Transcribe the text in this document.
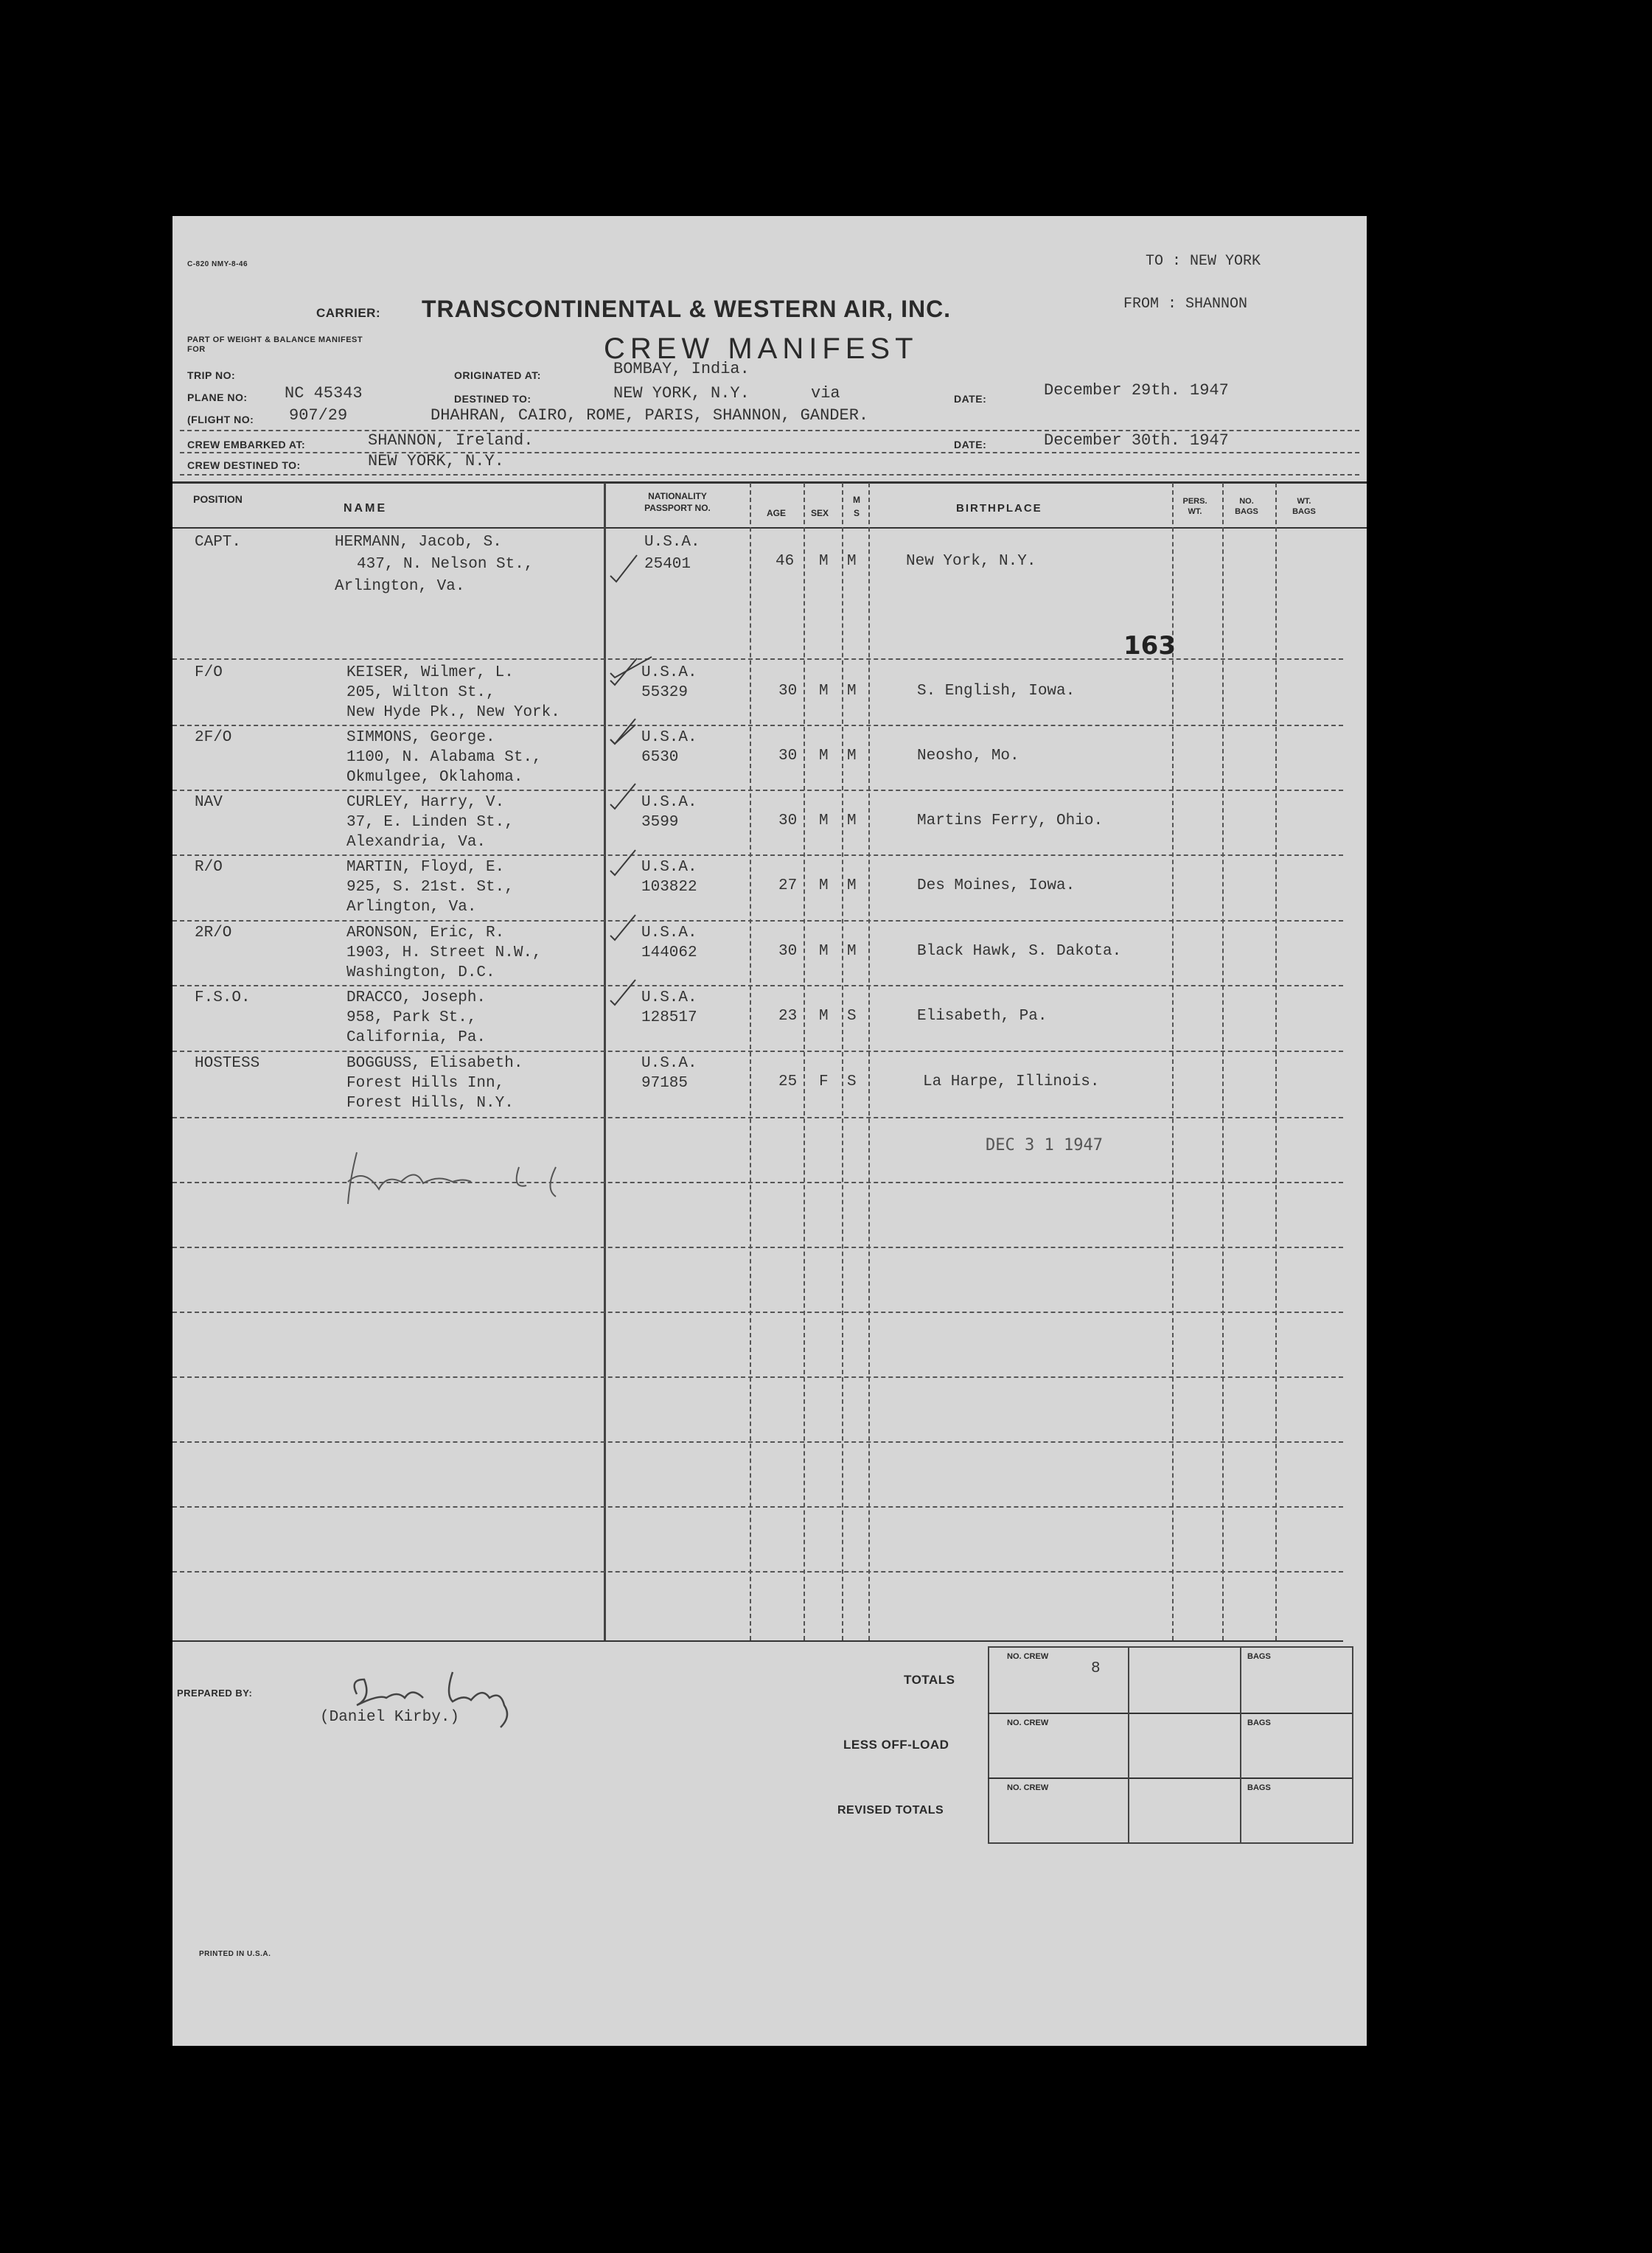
C-820 NMY-8-46	TO : NEW YORK
FROM : SHANNON
CARRIER: TRANSCONTINENTAL & WESTERN AIR, INC.
PART OF WEIGHT & BALANCE MANIFEST FOR	CREW MANIFEST
TRIP NO:
PLANE NO: NC 45343
(FLIGHT NO: 907/29
ORIGINATED AT:	BOMBAY, India.
DESTINED TO:	NEW YORK, N.Y.	via
DHAHRAN, CAIRO, ROME, PARIS, SHANNON, GANDER.
DATE:	December 29th. 1947
CREW EMBARKED AT:	SHANNON, Ireland.	DATE:	December 30th. 1947
CREW DESTINED TO:	NEW YORK, N.Y.
POSITION
NAME
NATIONALITY PASSPORT NO.	AGE	SEX
M S	BIRTHPLACE
PERS. WT.
NO. BAGS
WT. BAGS
CAPT.	HERMANN, Jacob, S.
437, N. Nelson St.,
Arlington, Va.
U.S.A.
25401	46 M M	New York, N.Y.
F/O	KEISER, Wilmer, L.
205, Wilton St.,
New Hyde Pk., New York.
U.S.A.
55329	30 M M	S. English, Iowa.
2F/O	SIMMONS, George.
1100, N. Alabama St.,
Okmulgee, Oklahoma.
U.S.A.
6530	30 M M	Neosho, Mo.
NAV	CURLEY, Harry, V.
37, E. Linden St.,
Alexandria, Va.
U.S.A.
3599	30 M M	Martins Ferry, Ohio.
R/O	MARTIN, Floyd, E.
925, S. 21st. St.,
Arlington, Va.
U.S.A.
103822	27 M M	Des Moines, Iowa.
2R/O	ARONSON, Eric, R.
1903, H. Street N.W.,
Washington, D.C.
U.S.A.
144062	30 M M	Black Hawk, S. Dakota.
F.S.O.	DRACCO, Joseph.
958, Park St.,
California, Pa.
U.S.A.
128517	23 M S	Elisabeth, Pa.
HOSTESS	BOGGUSS, Elisabeth.
Forest Hills Inn,
Forest Hills, N.Y.
U.S.A.
97185	25 F S	La Harpe, Illinois.
163
DEC 3 1 1947
PREPARED BY:
(Daniel Kirby.)
TOTALS
LESS OFF-LOAD
REVISED TOTALS
NO. CREW
8
BAGS
NO. CREW	BAGS
NO. CREW	BAGS
PRINTED IN U.S.A.
